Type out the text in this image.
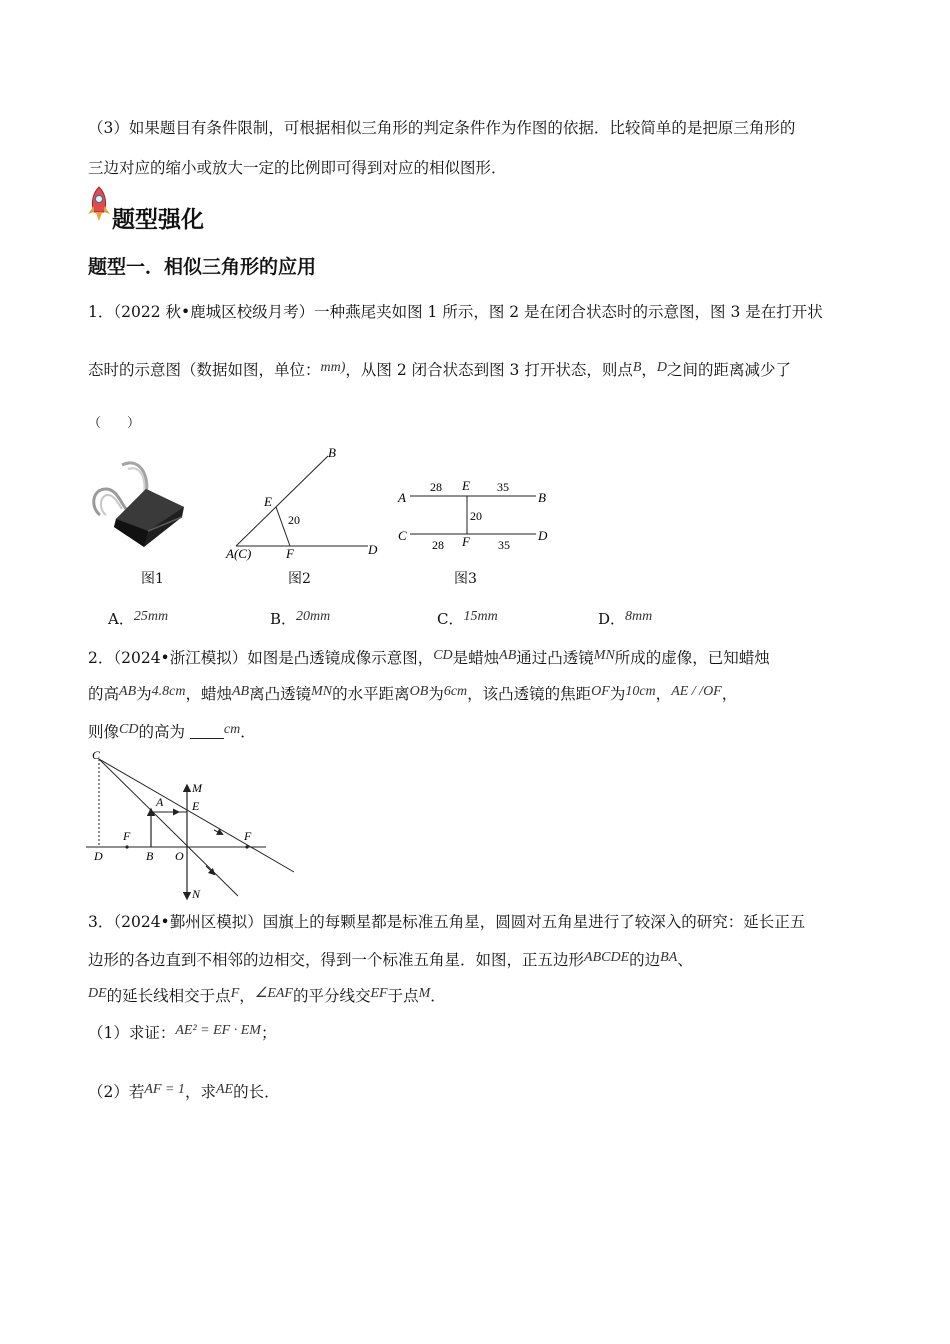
（3）如果题目有条件限制，可根据相似三角形的判定条件作为作图的依据．比较简单的是把原三角形的
三边对应的缩小或放大一定的比例即可得到对应的相似图形．
题型强化
题型一．相似三角形的应用
1．（2022 秋•鹿城区校级月考）一种燕尾夹如图 1 所示，图 2 是在闭合状态时的示意图，图 3 是在打开状
态时的示意图（数据如图，单位：mm)，从图 2 闭合状态到图 3 打开状态，则点B，D之间的距离减少了
（　　）
图1
A(C)
E
F
B
D
20
图2
A
E
B
C	F	D
28	35
20
28	35
图3
A．25mm	B．20mm	C．15mm	D．8mm
2．（2024•浙江模拟）如图是凸透镜成像示意图，CD是蜡烛AB通过凸透镜MN所成的虚像，已知蜡烛
的高AB为4.8cm，蜡烛AB离凸透镜MN的水平距离OB为6cm，该凸透镜的焦距OF为10cm，AE / /OF，
则像CD的高为	cm．
C
M
A E
F	F
D	B O
N
3．（2024•鄞州区模拟）国旗上的每颗星都是标准五角星，圆圆对五角星进行了较深入的研究：延长正五
边形的各边直到不相邻的边相交，得到一个标准五角星．如图，正五边形ABCDE的边BA、
DE的延长线相交于点F，∠EAF的平分线交EF于点M．
（1）求证：AE² = EF · EM；
（2）若AF = 1，求AE的长．
